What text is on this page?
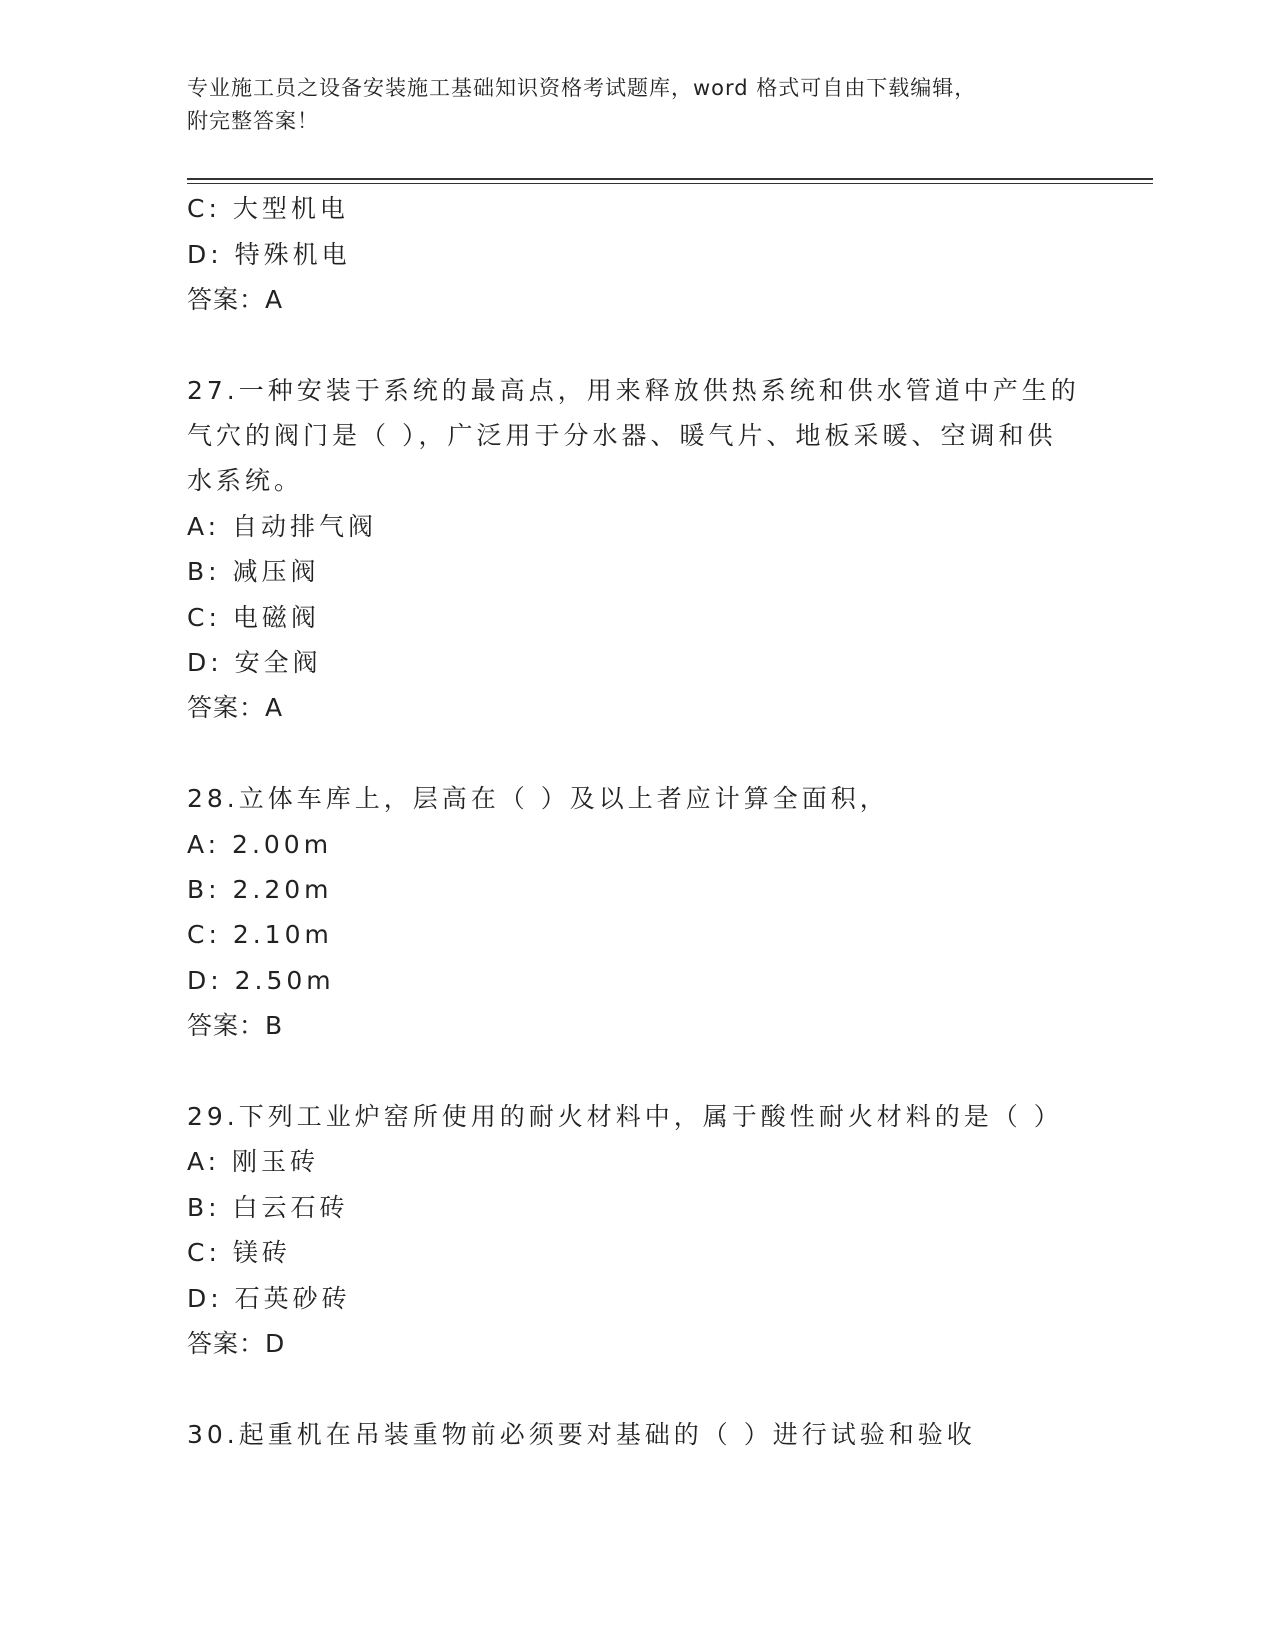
专业施工员之设备安装施工基础知识资格考试题库，word 格式可自由下载编辑，
附完整答案！
C: 大型机电
D: 特殊机电
答案：A
27.一种安装于系统的最高点，用来释放供热系统和供水管道中产生的
气穴的阀门是（ ），广泛用于分水器、暖气片、地板采暖、空调和供
水系统。
A: 自动排气阀
B: 减压阀
C: 电磁阀
D: 安全阀
答案：A
28.立体车库上，层高在（ ）及以上者应计算全面积，
A: 2.00m
B: 2.20m
C: 2.10m
D: 2.50m
答案：B
29.下列工业炉窑所使用的耐火材料中，属于酸性耐火材料的是（ ）
A: 刚玉砖
B: 白云石砖
C: 镁砖
D: 石英砂砖
答案：D
30.起重机在吊装重物前必须要对基础的（ ）进行试验和验收
